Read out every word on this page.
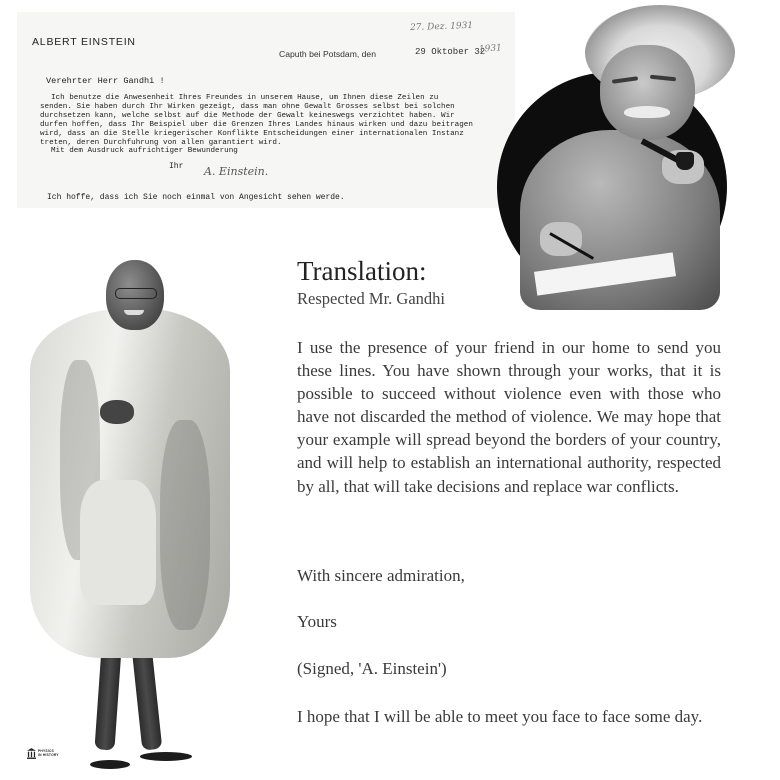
ALBERT EINSTEIN
27. Dez. 1931
Caputh bei Potsdam, den	29 Oktober 32
1931
Verehrter Herr Gandhi !
Ich benutze die Anwesenheit Ihres Freundes in unserem Hause, um Ihnen diese Zeilen zu
senden. Sie haben durch Ihr Wirken gezeigt, dass man ohne Gewalt Grosses selbst bei solchen
durchsetzen kann, welche selbst auf die Methode der Gewalt keineswegs verzichtet haben. Wir
durfen hoffen, dass Ihr Beispiel uber die Grenzen Ihres Landes hinaus wirken und dazu beitragen
wird, dass an die Stelle kriegerischer Konflikte Entscheidungen einer internationalen Instanz
treten, deren Durchfuhrung von allen garantiert wird.
Mit dem Ausdruck aufrichtiger Bewunderung
Ihr A. Einstein.
Ich hoffe, dass ich Sie noch einmal von Angesicht sehen werde.
Translation:

Respected Mr. Gandhi

I use the presence of your friend in our home to send you these lines. You have shown through your works, that it is possible to succeed without violence even with those who have not discarded the method of violence. We may hope that your example will spread beyond the borders of your country, and will help to establish an international authority, respected by all, that will take decisions and replace war conflicts.

With sincere admiration,

Yours

(Signed, 'A. Einstein')

I hope that I will be able to meet you face to face some day.

PHYSICS
IN HISTORY
